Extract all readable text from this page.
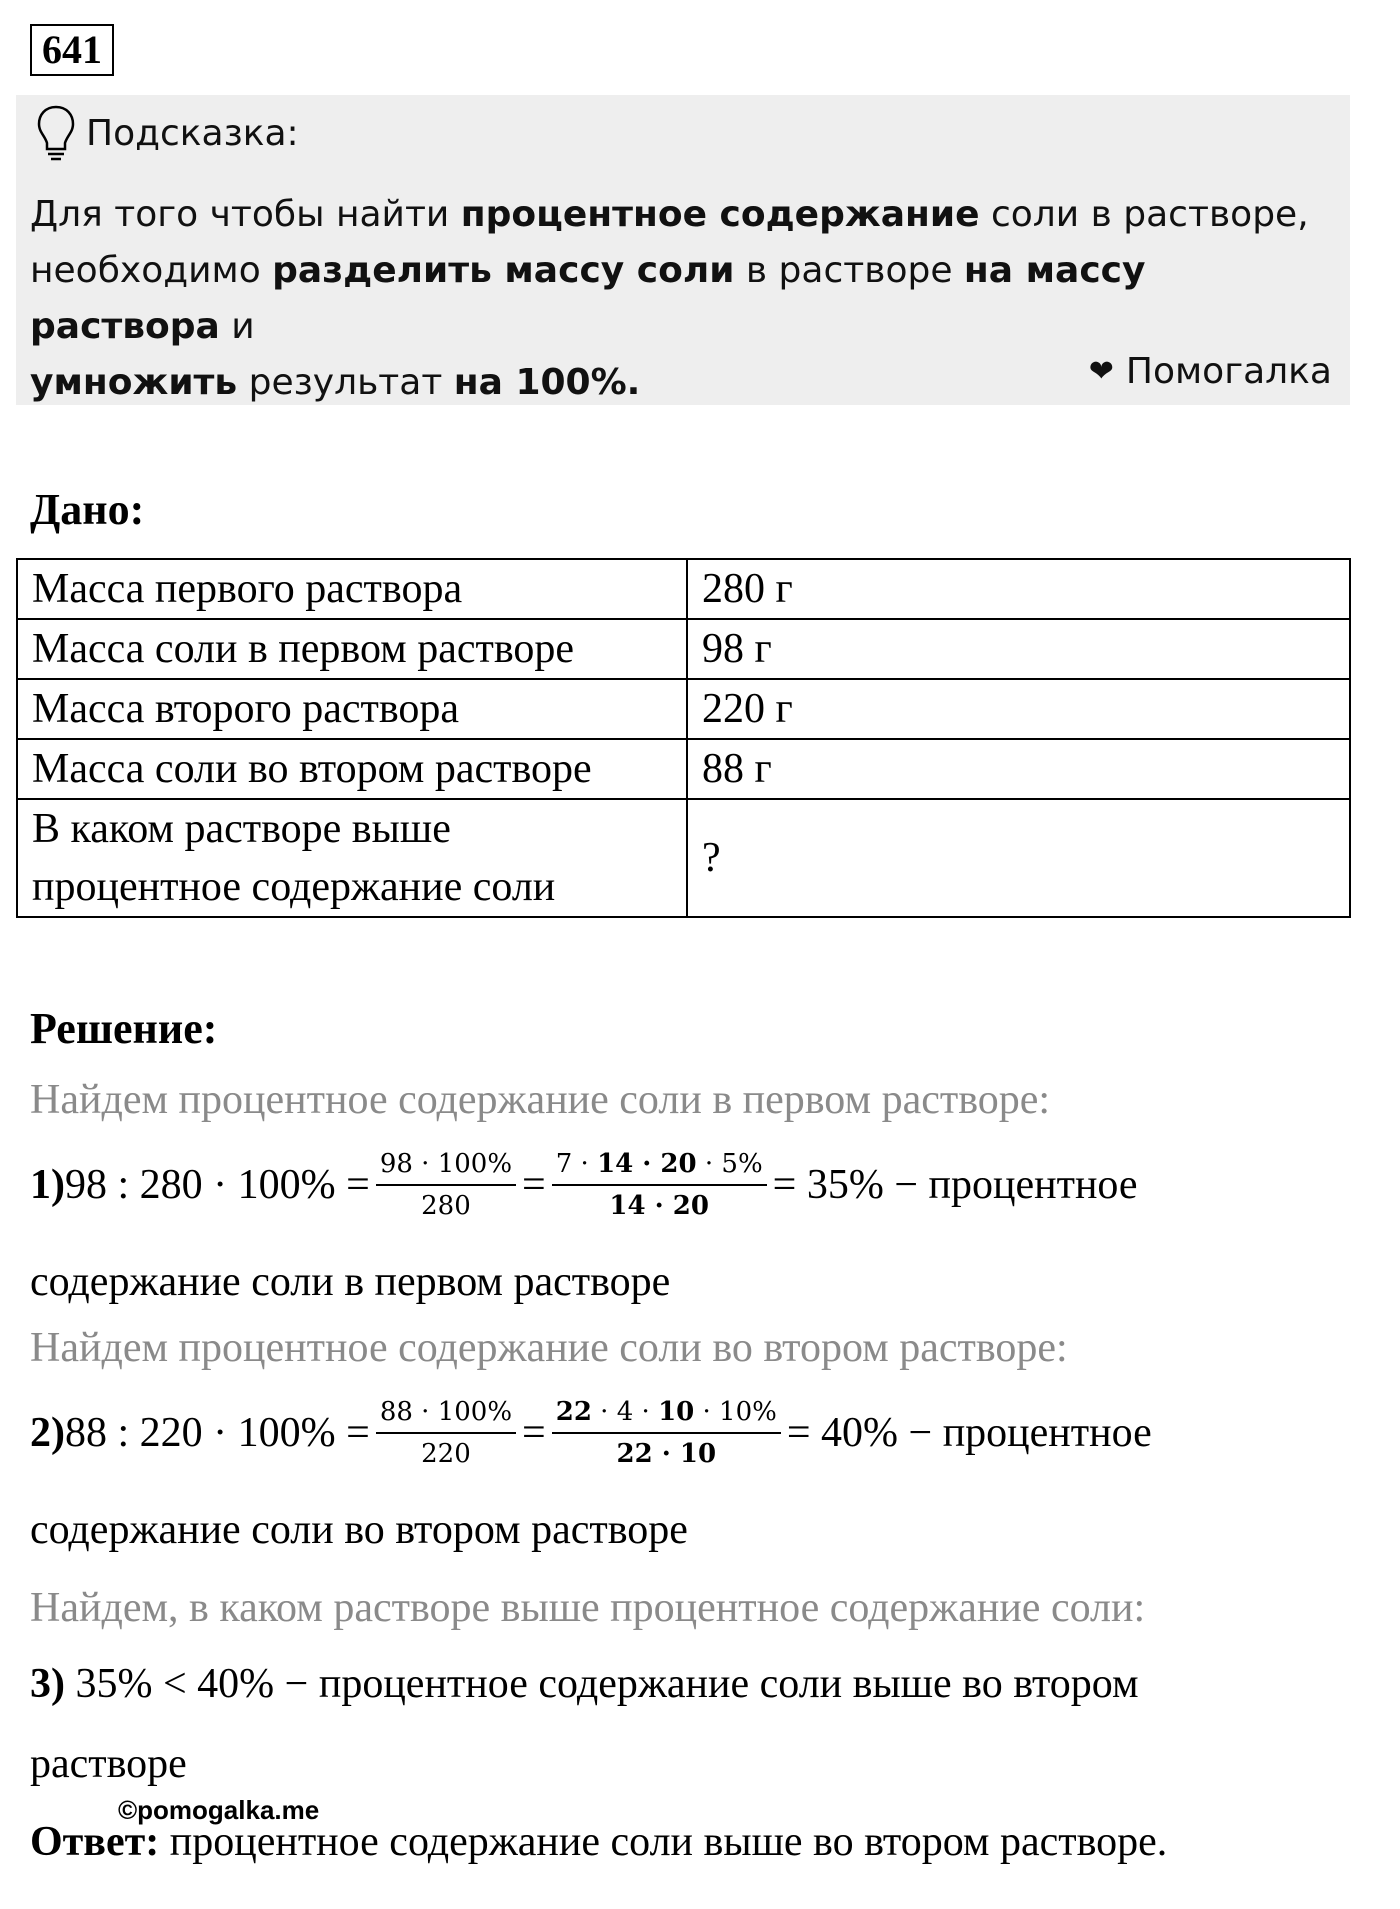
641
Подсказка:
Для того чтобы найти процентное содержание соли в растворе,
необходимо разделить массу соли в растворе на массу раствора и
умножить результат на 100%.	❤ Помогалка
Дано:
Масса первого раствора	280 г
Масса соли в первом растворе	98 г
Масса второго раствора	220 г
Масса соли во втором растворе	88 г

В каком растворе выше
процентное содержание соли	?
Решение:
Найдем процентное содержание соли в первом растворе:
1) 98 : $280 \cdot 100\% = \frac{98 \cdot 100\%}{280} = \frac{7 \cdot 14 \cdot 20 \cdot 5\%}{14 \cdot 20} = 35\%$ − процентное
содержание соли в первом растворе
Найдем процентное содержание соли во втором растворе:
2) 88 : $220 \cdot 100\% = \frac{88 \cdot 100\%}{220} = \frac{22 \cdot 4 \cdot 10 \cdot 10\%}{22 \cdot 10} = 40\%$ − процентное
содержание соли во втором растворе
Найдем, в каком растворе выше процентное содержание соли:
3) 35% < 40% − процентное содержание соли выше во втором
растворе
Ответ: процентное содержание соли выше во втором растворе.
©pomogalka.me
